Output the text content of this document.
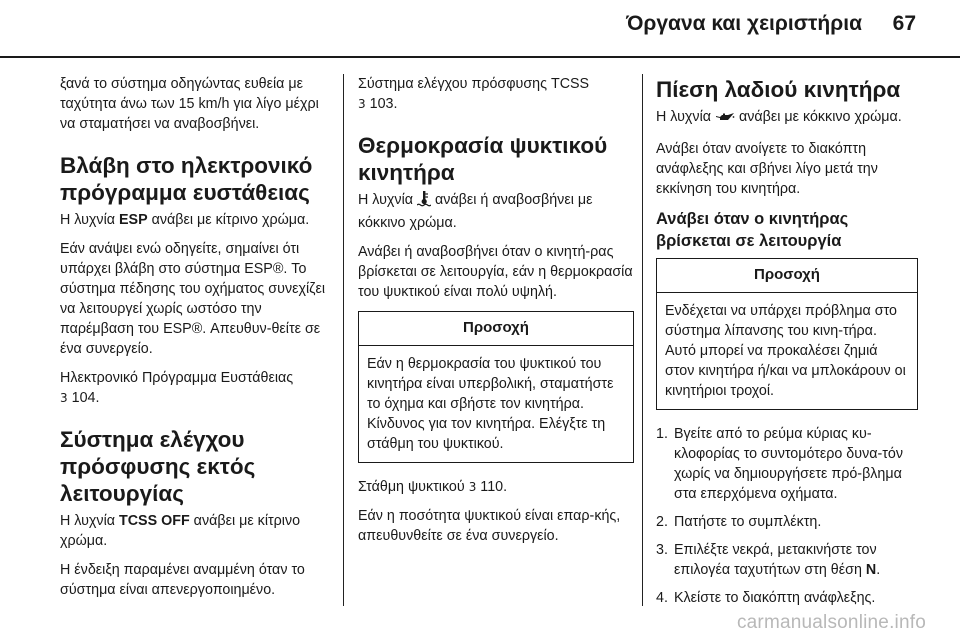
Όργανα και χειριστήρια 67

ξανά το σύστημα οδηγώντας ευθεία με ταχύτητα άνω των 15 km/h για λίγο μέχρι να σταματήσει να αναβοσβήνει.

Βλάβη στο ηλεκτρονικό πρόγραμμα ευστάθειας

Η λυχνία ESP ανάβει με κίτρινο χρώμα.

Εάν ανάψει ενώ οδηγείτε, σημαίνει ότι υπάρχει βλάβη στο σύστημα ESP®. Το σύστημα πέδησης του οχήματος συνεχίζει να λειτουργεί χωρίς ωστόσο την παρέμβαση του ESP®. Απευθυν-θείτε σε ένα συνεργείο.

Ηλεκτρονικό Πρόγραμμα Ευστάθειας
3 104.

Σύστημα ελέγχου πρόσφυσης εκτός λειτουργίας

Η λυχνία TCSS OFF ανάβει με κίτρινο χρώμα.

Η ένδειξη παραμένει αναμμένη όταν το σύστημα είναι απενεργοποιημένο.

Σύστημα ελέγχου πρόσφυσης TCSS
3 103.

Θερμοκρασία ψυκτικού κινητήρα

Η λυχνία  ανάβει ή αναβοσβήνει με κόκκινο χρώμα.

Ανάβει ή αναβοσβήνει όταν ο κινητή-ρας βρίσκεται σε λειτουργία, εάν η θερμοκρασία του ψυκτικού είναι πολύ υψηλή.

Προσοχή
Εάν η θερμοκρασία του ψυκτικού του κινητήρα είναι υπερβολική, σταματήστε το όχημα και σβήστε τον κινητήρα. Κίνδυνος για τον κινητήρα. Ελέγξτε τη στάθμη του ψυκτικού.

Στάθμη ψυκτικού 3 110.

Εάν η ποσότητα ψυκτικού είναι επαρ-κής, απευθυνθείτε σε ένα συνεργείο.

Πίεση λαδιού κινητήρα

Η λυχνία  ανάβει με κόκκινο χρώμα.

Ανάβει όταν ανοίγετε το διακόπτη ανάφλεξης και σβήνει λίγο μετά την εκκίνηση του κινητήρα.

Ανάβει όταν ο κινητήρας βρίσκεται σε λειτουργία
Προσοχή
Ενδέχεται να υπάρχει πρόβλημα στο σύστημα λίπανσης του κινη-τήρα. Αυτό μπορεί να προκαλέσει ζημιά στον κινητήρα ή/και να μπλοκάρουν οι κινητήριοι τροχοί.
1. Βγείτε από το ρεύμα κύριας κυ-κλοφορίας το συντομότερο δυνα-τόν χωρίς να δημιουργήσετε πρό-βλημα στα επερχόμενα οχήματα.
2. Πατήστε το συμπλέκτη.
3. Επιλέξτε νεκρά, μετακινήστε τον επιλογέα ταχυτήτων στη θέση N.
4. Κλείστε το διακόπτη ανάφλεξης.
carmanualsonline.info
